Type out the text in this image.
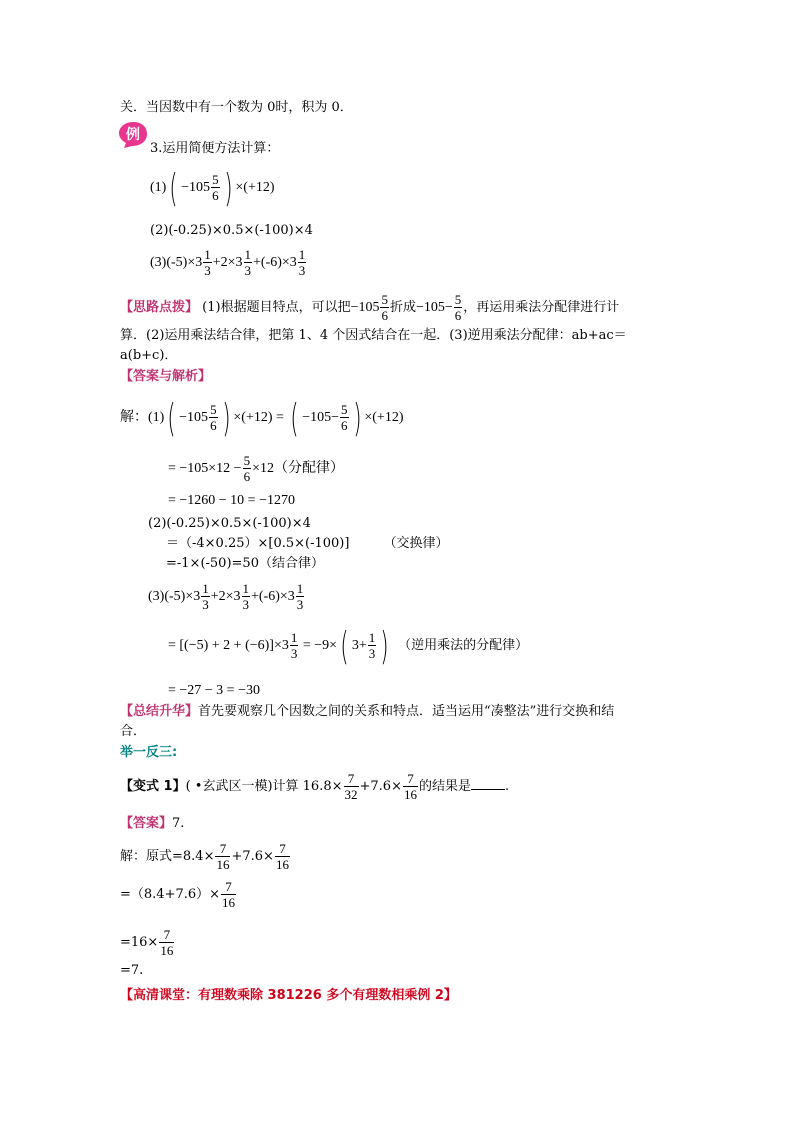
关．当因数中有一个数为 0时，积为 0．
例
3.运用简便方法计算：
$(1)( -105 \frac{5}{6}$ ) ×(+12)
(2)(-0.25)×0.5×(-100)×4
$(3)(-5)\times 3 \frac{1}{3} +2\times 3 \frac{1}{3} +(-6)\times 3 \frac{1}{3}$
【思路点拨】 (1)根据题目特点，可以把$-105 \frac{5}{6}$ 折成$-105- \frac{5}{6}$ ，再运用乘法分配律进行计
算．(2)运用乘法结合律，把第 1、4 个因式结合在一起．(3)逆用乘法分配律：ab+ac＝
a(b+c)．
【答案与解析】
解：$(1)( -105 \frac{5}{6}$ ) ×(+12) = ( $-105- \frac{5}{6}$ ) ×(+12)
= $-105\times 12 - \frac{5}{6} \times 12$（分配律）
= −1260 − 10 = −1270
(2)(-0.25)×0.5×(-100)×4
＝（-4×0.25）×[0.5×(-100)]	（交换律）
=-1×(-50)=50（结合律）
$(3)(-5)\times 3 \frac{1}{3} +2\times 3 \frac{1}{3} +(-6)\times 3 \frac{1}{3}$
= $[(-5) + 2 + (-6)]\times 3 \frac{1}{3} = -9\times$( $3+ \frac{1}{3}$ ) （逆用乘法的分配律）
= −27 − 3 = −30
【总结升华】首先要观察几个因数之间的关系和特点．适当运用“凑整法”进行交换和结
合．
举一反三:
【变式 1】( •玄武区一模)计算 $16.8\times \frac{7}{32} +7.6\times \frac{7}{16}$ 的结果是	.
【答案】7.
解：原式$=8.4\times \frac{7}{16} +7.6\times \frac{7}{16}$
$=(8.4+7.6)\times \frac{7}{16}$
$=16\times \frac{7}{16}$
=7.
【高清课堂：有理数乘除 381226 多个有理数相乘例 2】
